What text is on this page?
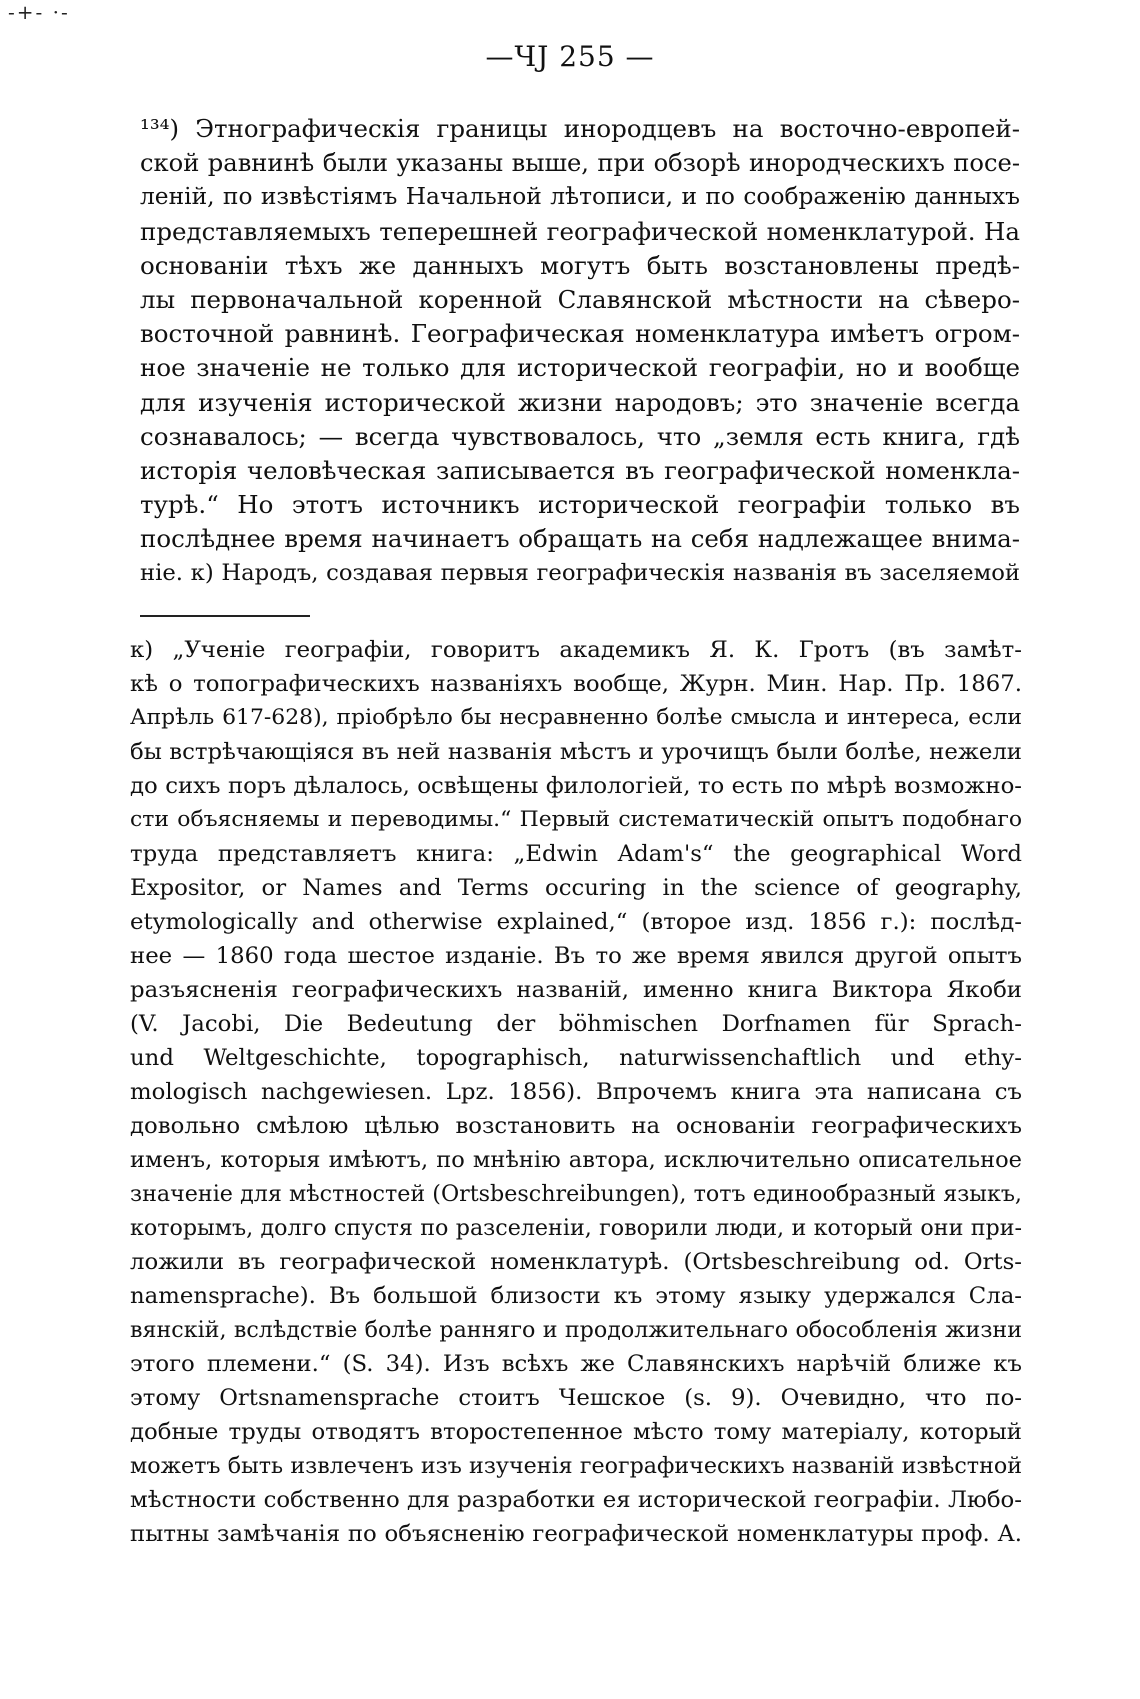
-+- ·-
—ЧJ 255 —
¹³⁴) Этнографическія границы инородцевъ на восточно-европей-
ской равнинѣ были указаны выше, при обзорѣ инородческихъ посе-
леній, по извѣстіямъ Начальной лѣтописи, и по соображенію данныхъ
представляемыхъ теперешней географической номенклатурой. На
основаніи тѣхъ же данныхъ могутъ быть возстановлены предѣ-
лы первоначальной коренной Славянской мѣстности на сѣверо-
восточной равнинѣ. Географическая номенклатура имѣетъ огром-
ное значеніе не только для исторической географіи, но и вообще
для изученія исторической жизни народовъ; это значеніе всегда
сознавалось; — всегда чувствовалось, что „земля есть книга, гдѣ
исторія человѣческая записывается въ географической номенкла-
турѣ.“ Но этотъ источникъ исторической географіи только въ
послѣднее время начинаетъ обращать на себя надлежащее внима-
ніе. к) Народъ, создавая первыя географическія названія въ заселяемой
к) „Ученіе географіи, говоритъ академикъ Я. К. Гротъ (въ замѣт-
кѣ о топографическихъ названіяхъ вообще, Журн. Мин. Нар. Пр. 1867.
Апрѣль 617-628), пріобрѣло бы несравненно болѣе смысла и интереса, если
бы встрѣчающіяся въ ней названія мѣстъ и урочищъ были болѣе, нежели
до сихъ поръ дѣлалось, освѣщены филологіей, то есть по мѣрѣ возможно-
сти объясняемы и переводимы.“ Первый систематическій опытъ подобнаго
труда представляетъ книга: „Edwin Adam's“ the geographical Word
Expositor, or Names and Terms occuring in the science of geography,
etymologically and otherwise explained,“ (второе изд. 1856 г.): послѣд-
нее — 1860 года шестое изданіе. Въ то же время явился другой опытъ
разъясненія географическихъ названій, именно книга Виктора Якоби
(V. Jacobi, Die Bedeutung der böhmischen Dorfnamen für Sprach-
und Weltgeschichte, topographisch, naturwissenchaftlich und ethy-
mologisch nachgewiesen. Lpz. 1856). Впрочемъ книга эта написана съ
довольно смѣлою цѣлью возстановить на основаніи географическихъ
именъ, которыя имѣютъ, по мнѣнію автора, исключительно описательное
значеніе для мѣстностей (Ortsbeschreibungen), тотъ единообразный языкъ,
которымъ, долго спустя по разселеніи, говорили люди, и который они при-
ложили въ географической номенклатурѣ. (Ortsbeschreibung od. Orts-
namensprache). Въ большой близости къ этому языку удержался Сла-
вянскій, вслѣдствіе болѣе ранняго и продолжительнаго обособленія жизни
этого племени.“ (S. 34). Изъ всѣхъ же Славянскихъ нарѣчій ближе къ
этому Ortsnamensprache стоитъ Чешское (s. 9). Очевидно, что по-
добные труды отводятъ второстепенное мѣсто тому матеріалу, который
можетъ быть извлеченъ изъ изученія географическихъ названій извѣстной
мѣстности собственно для разработки ея исторической географіи. Любо-
пытны замѣчанія по объясненію географической номенклатуры проф. А.
